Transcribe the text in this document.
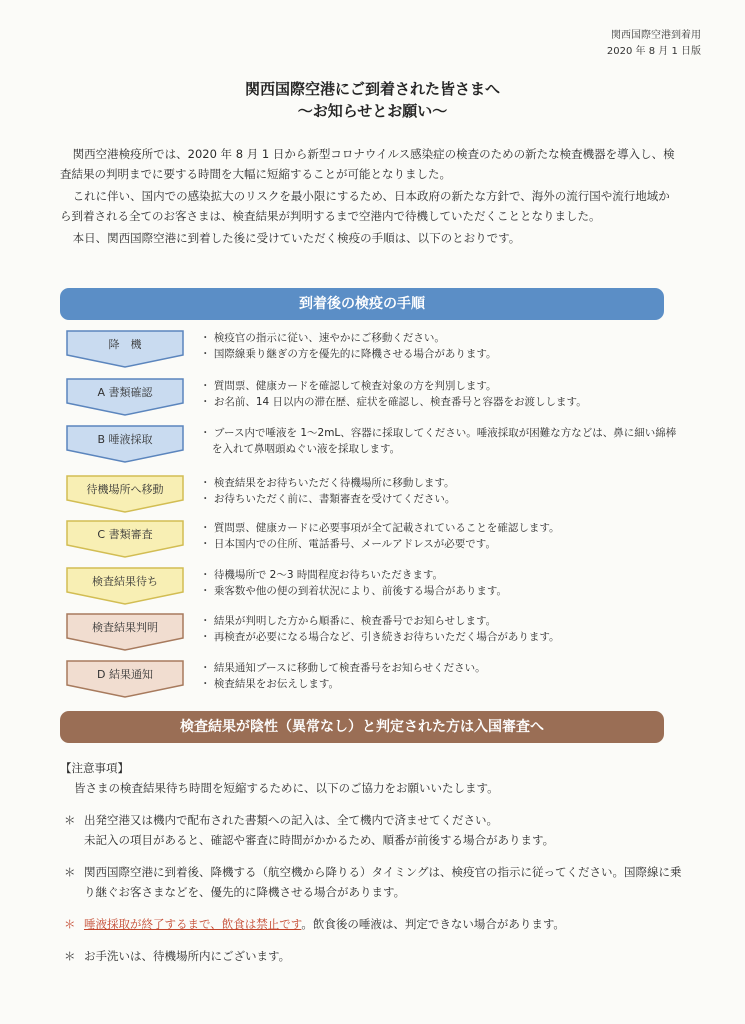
関西国際空港到着用
2020 年 8 月 1 日版
関西国際空港にご到着された皆さまへ
～お知らせとお願い～

関西空港検疫所では、2020 年 8 月 1 日から新型コロナウイルス感染症の検査のための新たな検査機器を導入し、検査結果の判明までに要する時間を大幅に短縮することが可能となりました。

これに伴い、国内での感染拡大のリスクを最小限にするため、日本政府の新たな方針で、海外の流行国や流行地域から到着される全てのお客さまは、検査結果が判明するまで空港内で待機していただくこととなりました。

本日、関西国際空港に到着した後に受けていただく検疫の手順は、以下のとおりです。

到着後の検疫の手順
降　機	・ 検疫官の指示に従い、速やかにご移動ください。
・ 国際線乗り継ぎの方を優先的に降機させる場合があります。
A 書類確認	・ 質問票、健康カードを確認して検査対象の方を判別します。
・ お名前、14 日以内の滞在歴、症状を確認し、検査番号と容器をお渡しします。
B 唾液採取	・ ブース内で唾液を 1～2mL、容器に採取してください。唾液採取が困難な方などは、鼻に細い綿棒を入れて鼻咽頭ぬぐい液を採取します。
待機場所へ移動	・ 検査結果をお待ちいただく待機場所に移動します。
・ お待ちいただく前に、書類審査を受けてください。
C 書類審査	・ 質問票、健康カードに必要事項が全て記載されていることを確認します。
・ 日本国内での住所、電話番号、メールアドレスが必要です。
検査結果待ち	・ 待機場所で 2～3 時間程度お待ちいただきます。
・ 乗客数や他の便の到着状況により、前後する場合があります。
検査結果判明	・ 結果が判明した方から順番に、検査番号でお知らせします。
・ 再検査が必要になる場合など、引き続きお待ちいただく場合があります。
D 結果通知	・ 結果通知ブースに移動して検査番号をお知らせください。
・ 検査結果をお伝えします。
検査結果が陰性（異常なし）と判定された方は入国審査へ

【注意事項】

皆さまの検査結果待ち時間を短縮するために、以下のご協力をお願いいたします。

＊ 出発空港又は機内で配布された書類への記入は、全て機内で済ませてください。
未記入の項目があると、確認や審査に時間がかかるため、順番が前後する場合があります。
＊ 関西国際空港に到着後、降機する（航空機から降りる）タイミングは、検疫官の指示に従ってください。国際線に乗り継ぐお客さまなどを、優先的に降機させる場合があります。
＊ 唾液採取が終了するまで、飲食は禁止です。飲食後の唾液は、判定できない場合があります。
＊ お手洗いは、待機場所内にございます。
